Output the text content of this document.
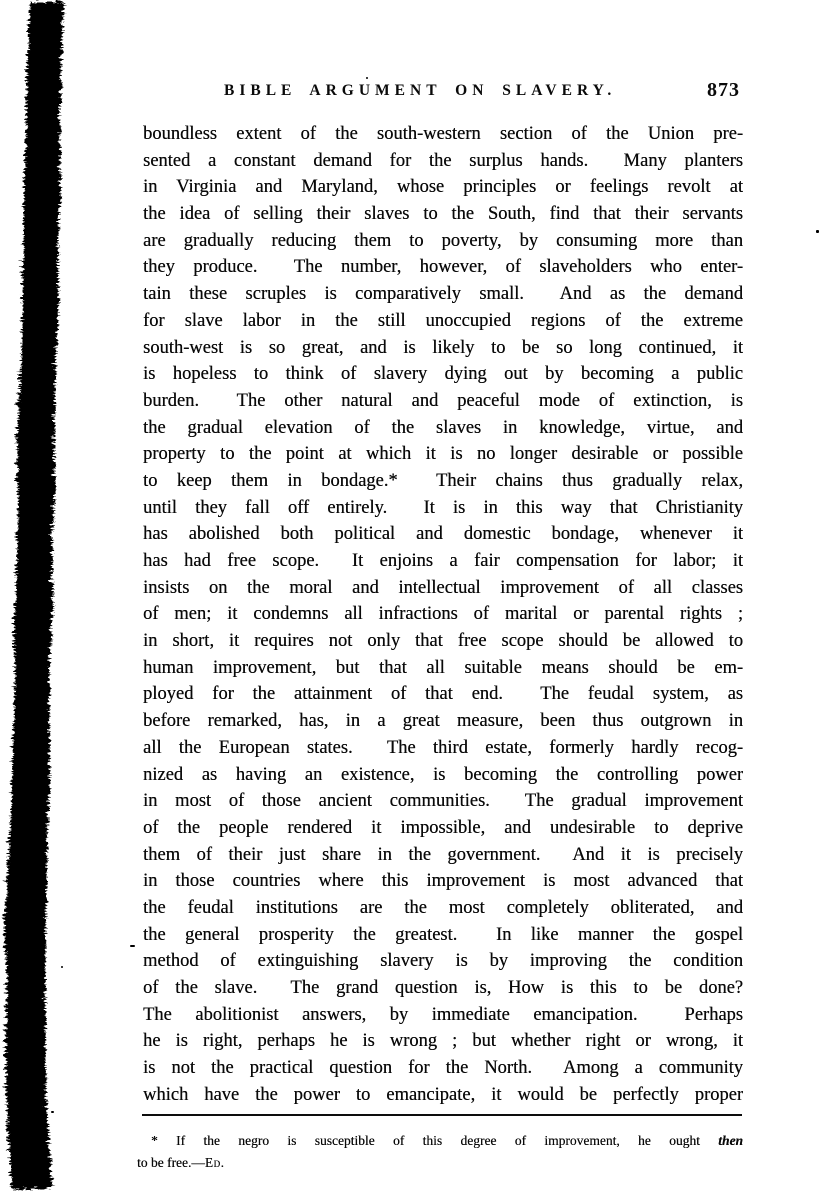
BIBLE ARGUMENT ON SLAVERY.	873
boundless extent of the south-western section of the Union pre-
sented a constant demand for the surplus hands.  Many planters
in Virginia and Maryland, whose principles or feelings revolt at
the idea of selling their slaves to the South, find that their servants
are gradually reducing them to poverty, by consuming more than
they produce.  The number, however, of slaveholders who enter-
tain these scruples is comparatively small.  And as the demand
for slave labor in the still unoccupied regions of the extreme
south-west is so great, and is likely to be so long continued, it
is hopeless to think of slavery dying out by becoming a public
burden.  The other natural and peaceful mode of extinction, is
the gradual elevation of the slaves in knowledge, virtue, and
property to the point at which it is no longer desirable or possible
to keep them in bondage.*  Their chains thus gradually relax,
until they fall off entirely.  It is in this way that Christianity
has abolished both political and domestic bondage, whenever it
has had free scope.  It enjoins a fair compensation for labor; it
insists on the moral and intellectual improvement of all classes
of men; it condemns all infractions of marital or parental rights ;
in short, it requires not only that free scope should be allowed to
human improvement, but that all suitable means should be em-
ployed for the attainment of that end.  The feudal system, as
before remarked, has, in a great measure, been thus outgrown in
all the European states.  The third estate, formerly hardly recog-
nized as having an existence, is becoming the controlling power
in most of those ancient communities.  The gradual improvement
of the people rendered it impossible, and undesirable to deprive
them of their just share in the government.  And it is precisely
in those countries where this improvement is most advanced that
the feudal institutions are the most completely obliterated, and
the general prosperity the greatest.  In like manner the gospel
method of extinguishing slavery is by improving the condition
of the slave.  The grand question is, How is this to be done?
The abolitionist answers, by immediate emancipation.  Perhaps
he is right, perhaps he is wrong ; but whether right or wrong, it
is not the practical question for the North.  Among a community
which have the power to emancipate, it would be perfectly proper
* If the negro is susceptible of this degree of improvement, he ought then
to be free.—Ed.
